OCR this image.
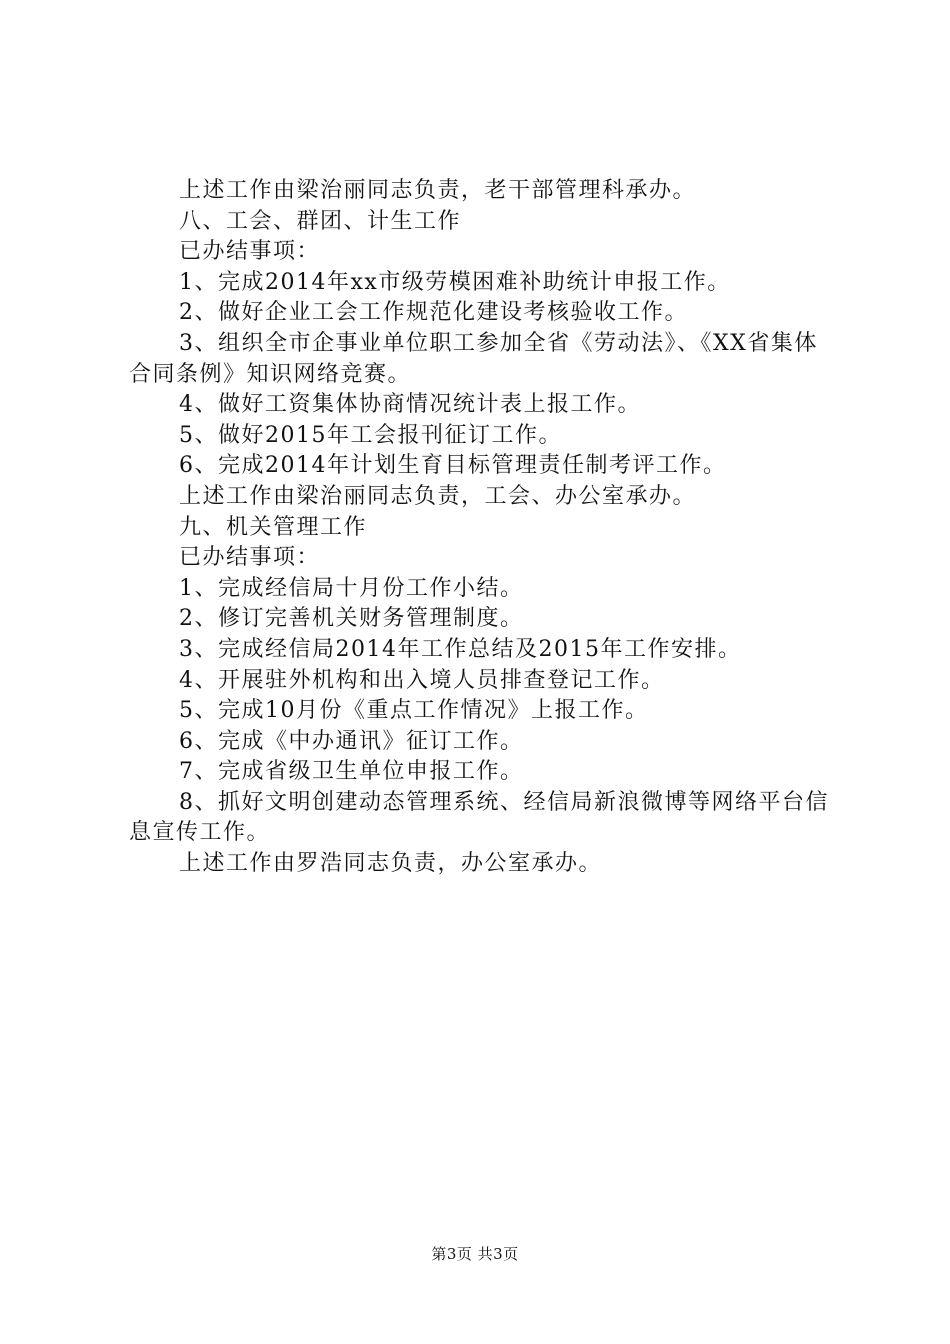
上述工作由梁治丽同志负责，老干部管理科承办。

八、工会、群团、计生工作

已办结事项：

1、完成2014年xx市级劳模困难补助统计申报工作。

2、做好企业工会工作规范化建设考核验收工作。

3、组织全市企事业单位职工参加全省《劳动法》、《XX省集体合同条例》知识网络竞赛。

4、做好工资集体协商情况统计表上报工作。

5、做好2015年工会报刊征订工作。

6、完成2014年计划生育目标管理责任制考评工作。

上述工作由梁治丽同志负责，工会、办公室承办。

九、机关管理工作

已办结事项：

1、完成经信局十月份工作小结。

2、修订完善机关财务管理制度。

3、完成经信局2014年工作总结及2015年工作安排。

4、开展驻外机构和出入境人员排查登记工作。

5、完成10月份《重点工作情况》上报工作。

6、完成《中办通讯》征订工作。

7、完成省级卫生单位申报工作。

8、抓好文明创建动态管理系统、经信局新浪微博等网络平台信息宣传工作。

上述工作由罗浩同志负责，办公室承办。

第3页 共3页
